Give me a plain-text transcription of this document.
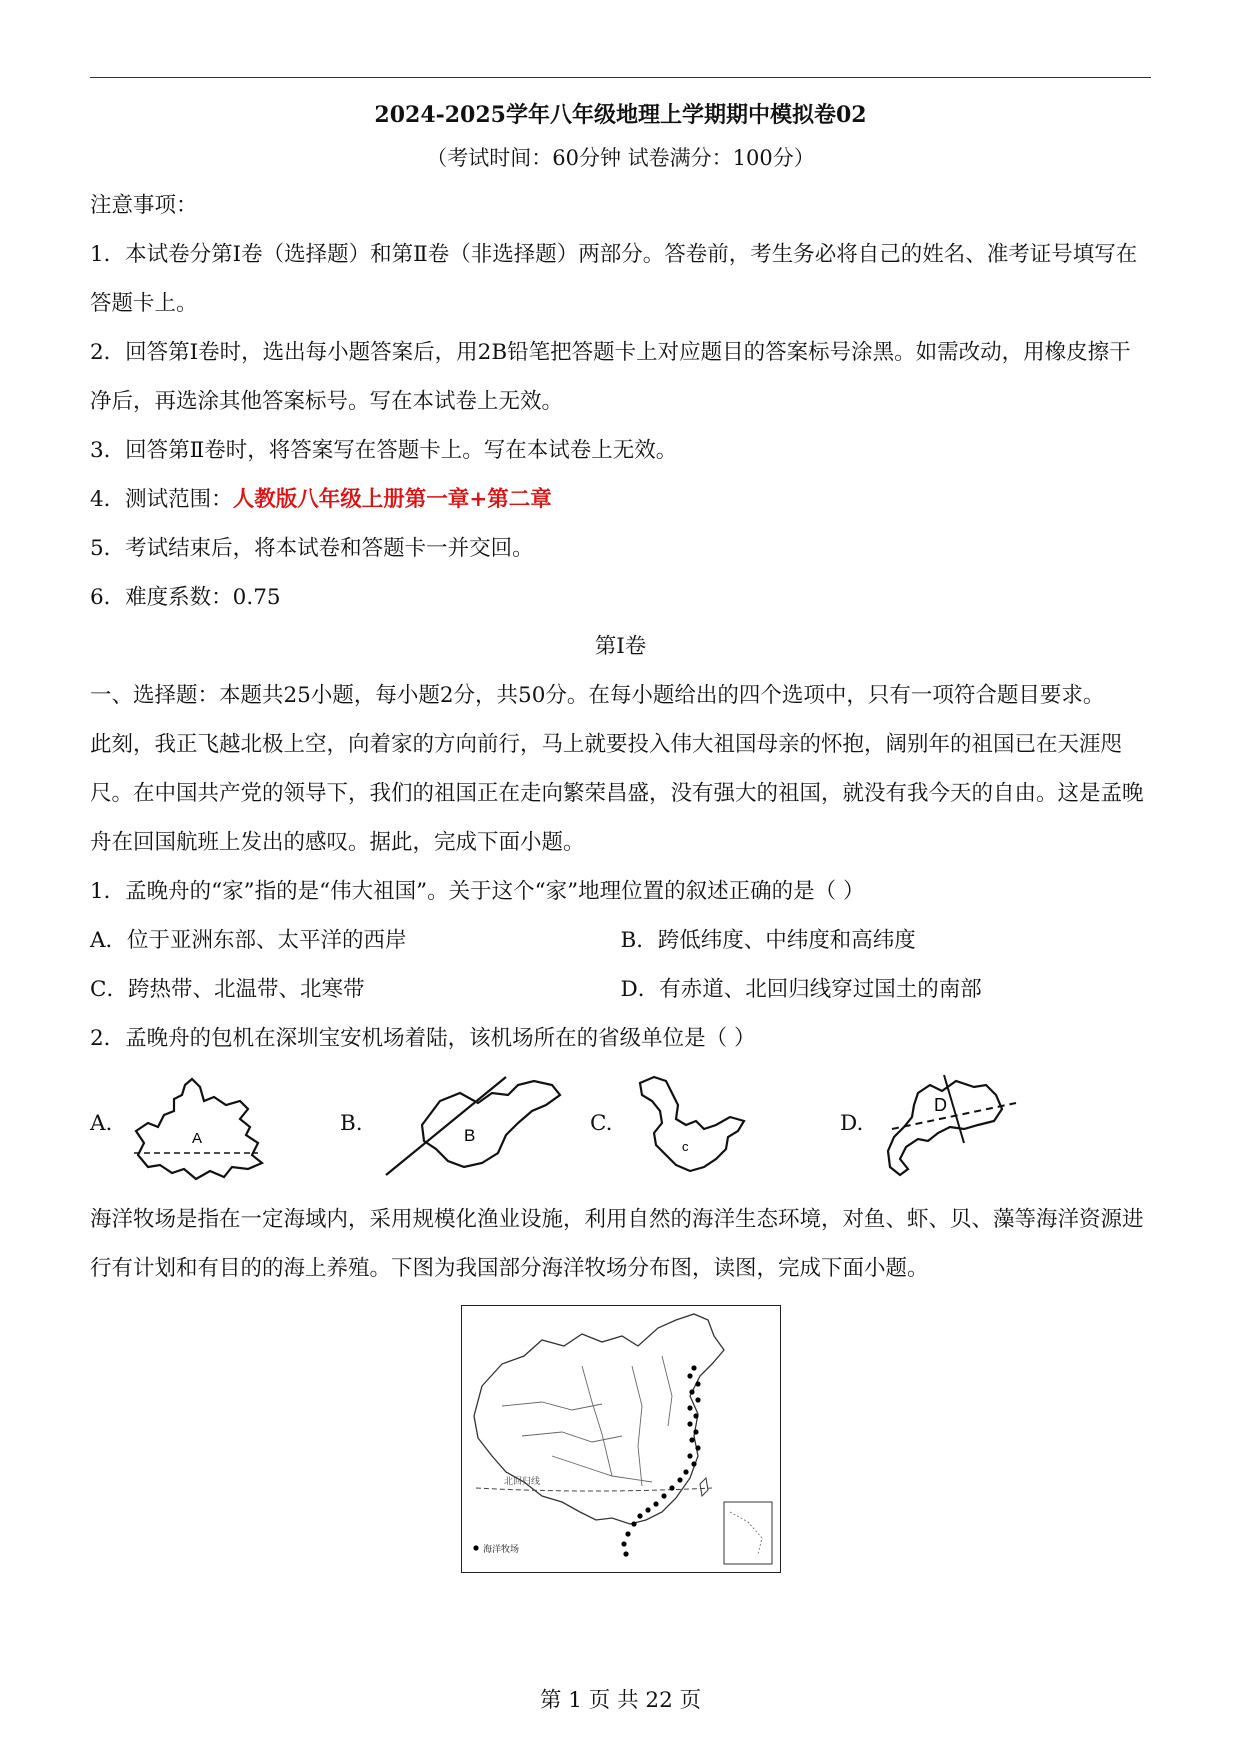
2024-2025学年八年级地理上学期期中模拟卷02
（考试时间：60分钟 试卷满分：100分）

注意事项：

1．本试卷分第Ⅰ卷（选择题）和第Ⅱ卷（非选择题）两部分。答卷前，考生务必将自己的姓名、准考证号填写在答题卡上。

2．回答第Ⅰ卷时，选出每小题答案后，用2B铅笔把答题卡上对应题目的答案标号涂黑。如需改动，用橡皮擦干净后，再选涂其他答案标号。写在本试卷上无效。

3．回答第Ⅱ卷时，将答案写在答题卡上。写在本试卷上无效。

4．测试范围：人教版八年级上册第一章+第二章

5．考试结束后，将本试卷和答题卡一并交回。

6．难度系数：0.75

第Ⅰ卷

一、选择题：本题共25小题，每小题2分，共50分。在每小题给出的四个选项中，只有一项符合题目要求。

此刻，我正飞越北极上空，向着家的方向前行，马上就要投入伟大祖国母亲的怀抱，阔别年的祖国已在天涯咫尺。在中国共产党的领导下，我们的祖国正在走向繁荣昌盛，没有强大的祖国，就没有我今天的自由。这是孟晚舟在回国航班上发出的感叹。据此，完成下面小题。

1．孟晚舟的“家”指的是“伟大祖国”。关于这个“家”地理位置的叙述正确的是（ ）

A．位于亚洲东部、太平洋的西岸	B．跨低纬度、中纬度和高纬度
C．跨热带、北温带、北寒带	D．有赤道、北回归线穿过国土的南部

2．孟晚舟的包机在深圳宝安机场着陆，该机场所在的省级单位是（ ）

A.
A
B.	B	C.
c
D.
D

海洋牧场是指在一定海域内，采用规模化渔业设施，利用自然的海洋生态环境，对鱼、虾、贝、藻等海洋资源进行有计划和有目的的海上养殖。下图为我国部分海洋牧场分布图，读图，完成下面小题。

北回归线
海洋牧场
第 1 页 共 22 页
